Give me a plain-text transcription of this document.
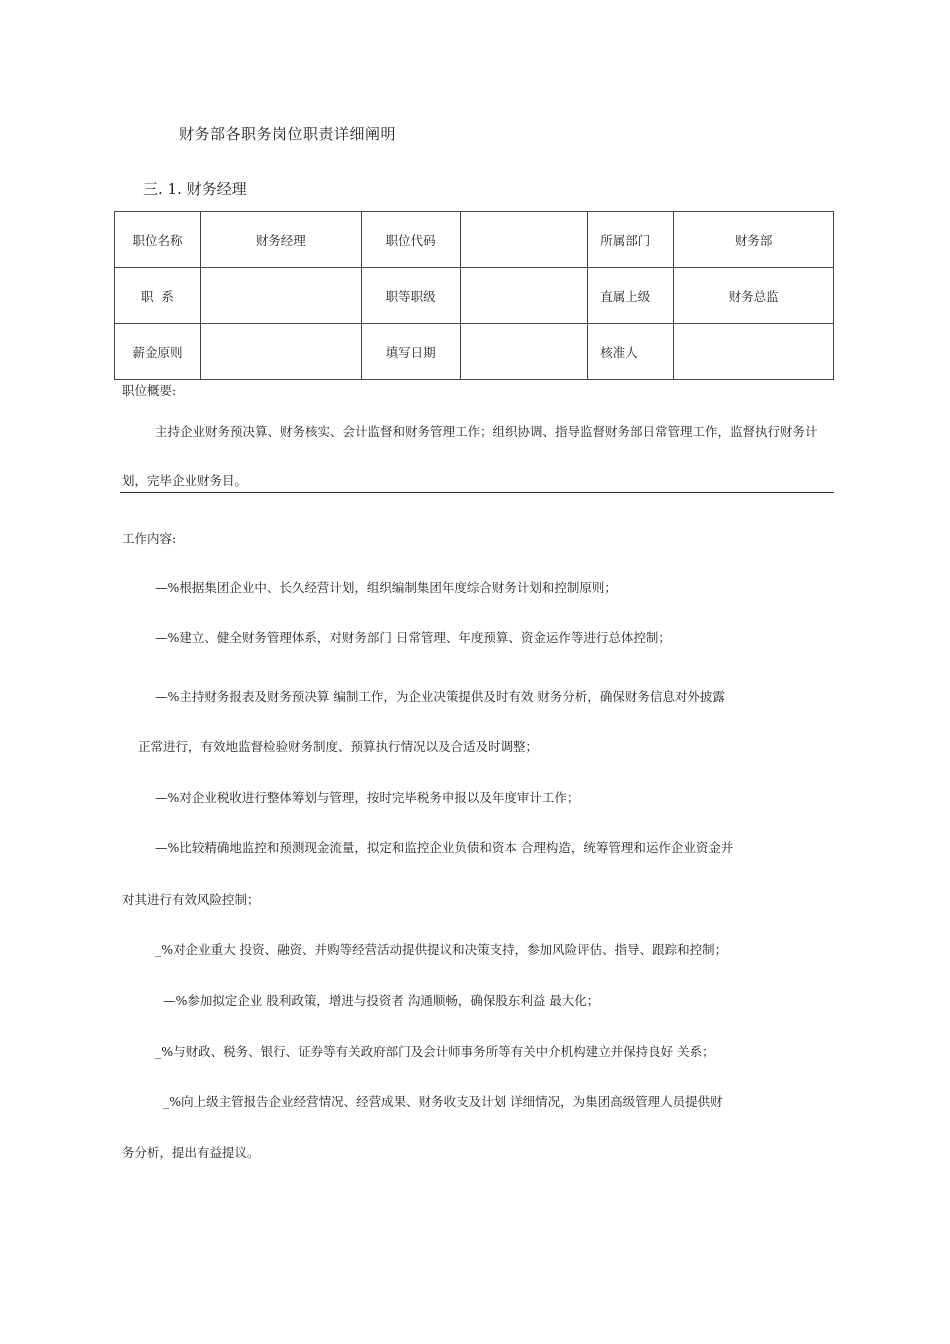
财务部各职务岗位职责详细阐明
三. 1. 财务经理
职位名称	财务经理	职位代码		所属部门	财务部
职  系		职等职级		直属上级	财务总监
薪金原则		填写日期		核准人	
职位概要:
主持企业财务预决算、财务核实、会计监督和财务管理工作；组织协调、指导监督财务部日常管理工作，监督执行财务计
划，完毕企业财务目。
工作内容:
—%根据集团企业中、长久经营计划，组织编制集团年度综合财务计划和控制原则；
—%建立、健全财务管理体系，对财务部门 日常管理、年度预算、资金运作等进行总体控制；
—%主持财务报表及财务预决算 编制工作，为企业决策提供及时有效 财务分析，确保财务信息对外披露
正常进行，有效地监督检验财务制度、预算执行情况以及合适及时调整；
—%对企业税收进行整体筹划与管理，按时完毕税务申报以及年度审计工作；
—%比较精确地监控和预测现金流量，拟定和监控企业负债和资本 合理构造，统筹管理和运作企业资金并
对其进行有效风险控制；
_%对企业重大 投资、融资、并购等经营活动提供提议和决策支持，参加风险评估、指导、跟踪和控制；
—%参加拟定企业 股利政策，增进与投资者 沟通顺畅，确保股东利益 最大化；
_%与财政、税务、银行、证券等有关政府部门及会计师事务所等有关中介机构建立并保持良好 关系；
_%向上级主管报告企业经营情况、经营成果、财务收支及计划 详细情况，为集团高级管理人员提供财
务分析，提出有益提议。
